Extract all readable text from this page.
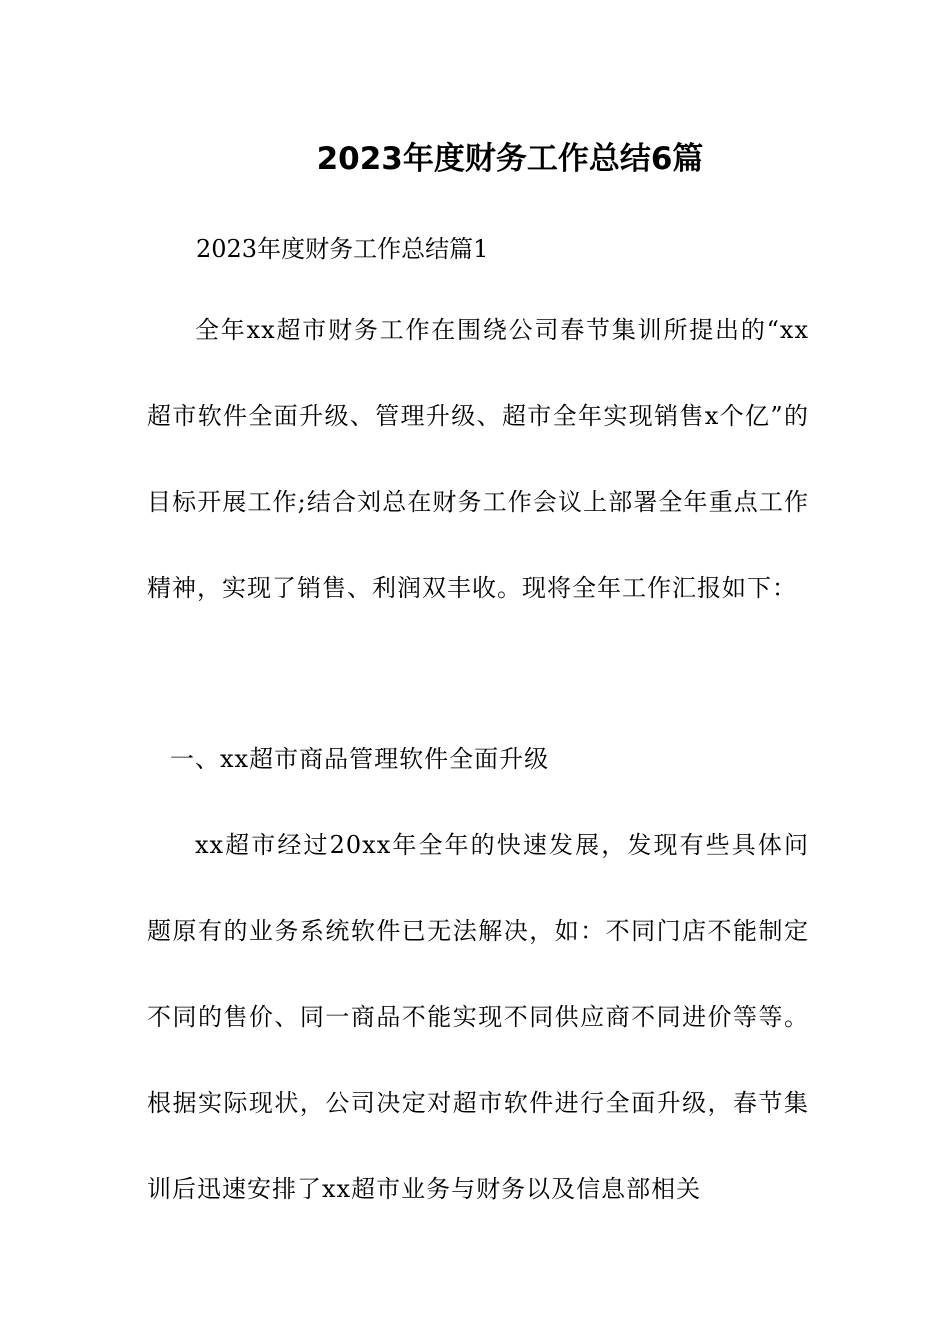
2023年度财务工作总结6篇
2023年度财务工作总结篇1

全年xx超市财务工作在围绕公司春节集训所提出的“xx超市软件全面升级、管理升级、超市全年实现销售x个亿”的目标开展工作;结合刘总在财务工作会议上部署全年重点工作精神，实现了销售、利润双丰收。现将全年工作汇报如下：

一、xx超市商品管理软件全面升级

xx超市经过20xx年全年的快速发展，发现有些具体问题原有的业务系统软件已无法解决，如：不同门店不能制定不同的售价、同一商品不能实现不同供应商不同进价等等。根据实际现状，公司决定对超市软件进行全面升级，春节集训后迅速安排了xx超市业务与财务以及信息部相关
